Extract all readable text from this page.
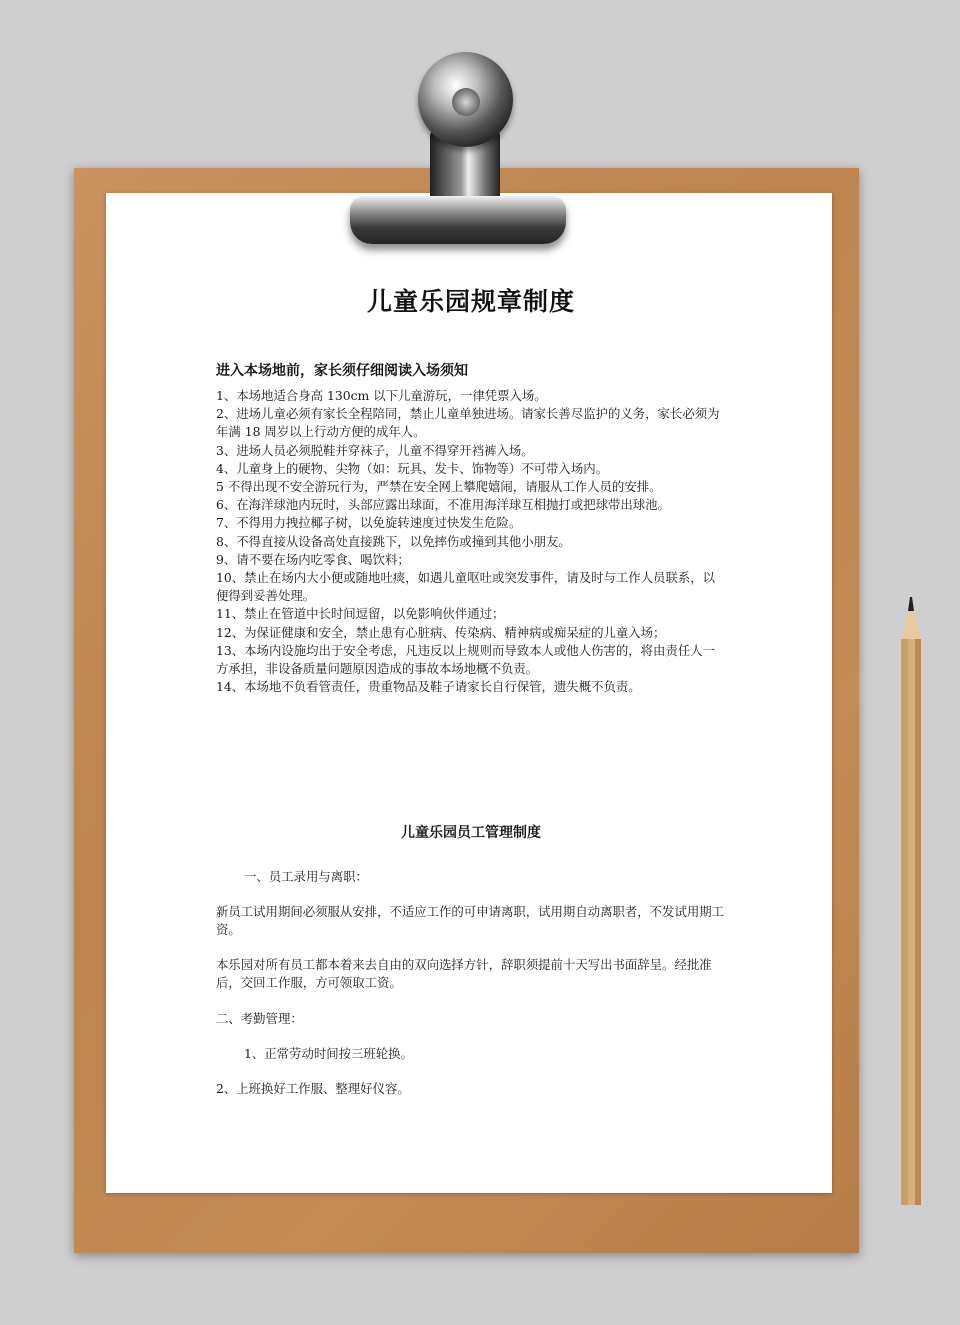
儿童乐园规章制度
进入本场地前，家长须仔细阅读入场须知
1、本场地适合身高 130cm 以下儿童游玩，一律凭票入场。
2、进场儿童必须有家长全程陪同，禁止儿童单独进场。请家长善尽监护的义务，家长必须为年满 18 周岁以上行动方便的成年人。
3、进场人员必须脱鞋并穿袜子，儿童不得穿开裆裤入场。
4、儿童身上的硬物、尖物（如：玩具、发卡、饰物等）不可带入场内。
5 不得出现不安全游玩行为，严禁在安全网上攀爬嬉闹，请服从工作人员的安排。
6、在海洋球池内玩时，头部应露出球面，不准用海洋球互相抛打或把球带出球池。
7、不得用力拽拉椰子树，以免旋转速度过快发生危险。
8、不得直接从设备高处直接跳下，以免摔伤或撞到其他小朋友。
9、请不要在场内吃零食、喝饮料；
10、禁止在场内大小便或随地吐痰，如遇儿童呕吐或突发事件，请及时与工作人员联系，以便得到妥善处理。
11、禁止在管道中长时间逗留，以免影响伙伴通过；
12、为保证健康和安全，禁止患有心脏病、传染病、精神病或痴呆症的儿童入场；
13、本场内设施均出于安全考虑，凡违反以上规则而导致本人或他人伤害的，将由责任人一方承担，非设备质量问题原因造成的事故本场地概不负责。
14、本场地不负看管责任，贵重物品及鞋子请家长自行保管，遗失概不负责。
儿童乐园员工管理制度

一、员工录用与离职：

新员工试用期间必须服从安排，不适应工作的可申请离职，试用期自动离职者，不发试用期工资。

本乐园对所有员工都本着来去自由的双向选择方针，辞职须提前十天写出书面辞呈。经批准后，交回工作服，方可领取工资。

二、考勤管理：

1、正常劳动时间按三班轮换。

2、上班换好工作服、整理好仪容。
